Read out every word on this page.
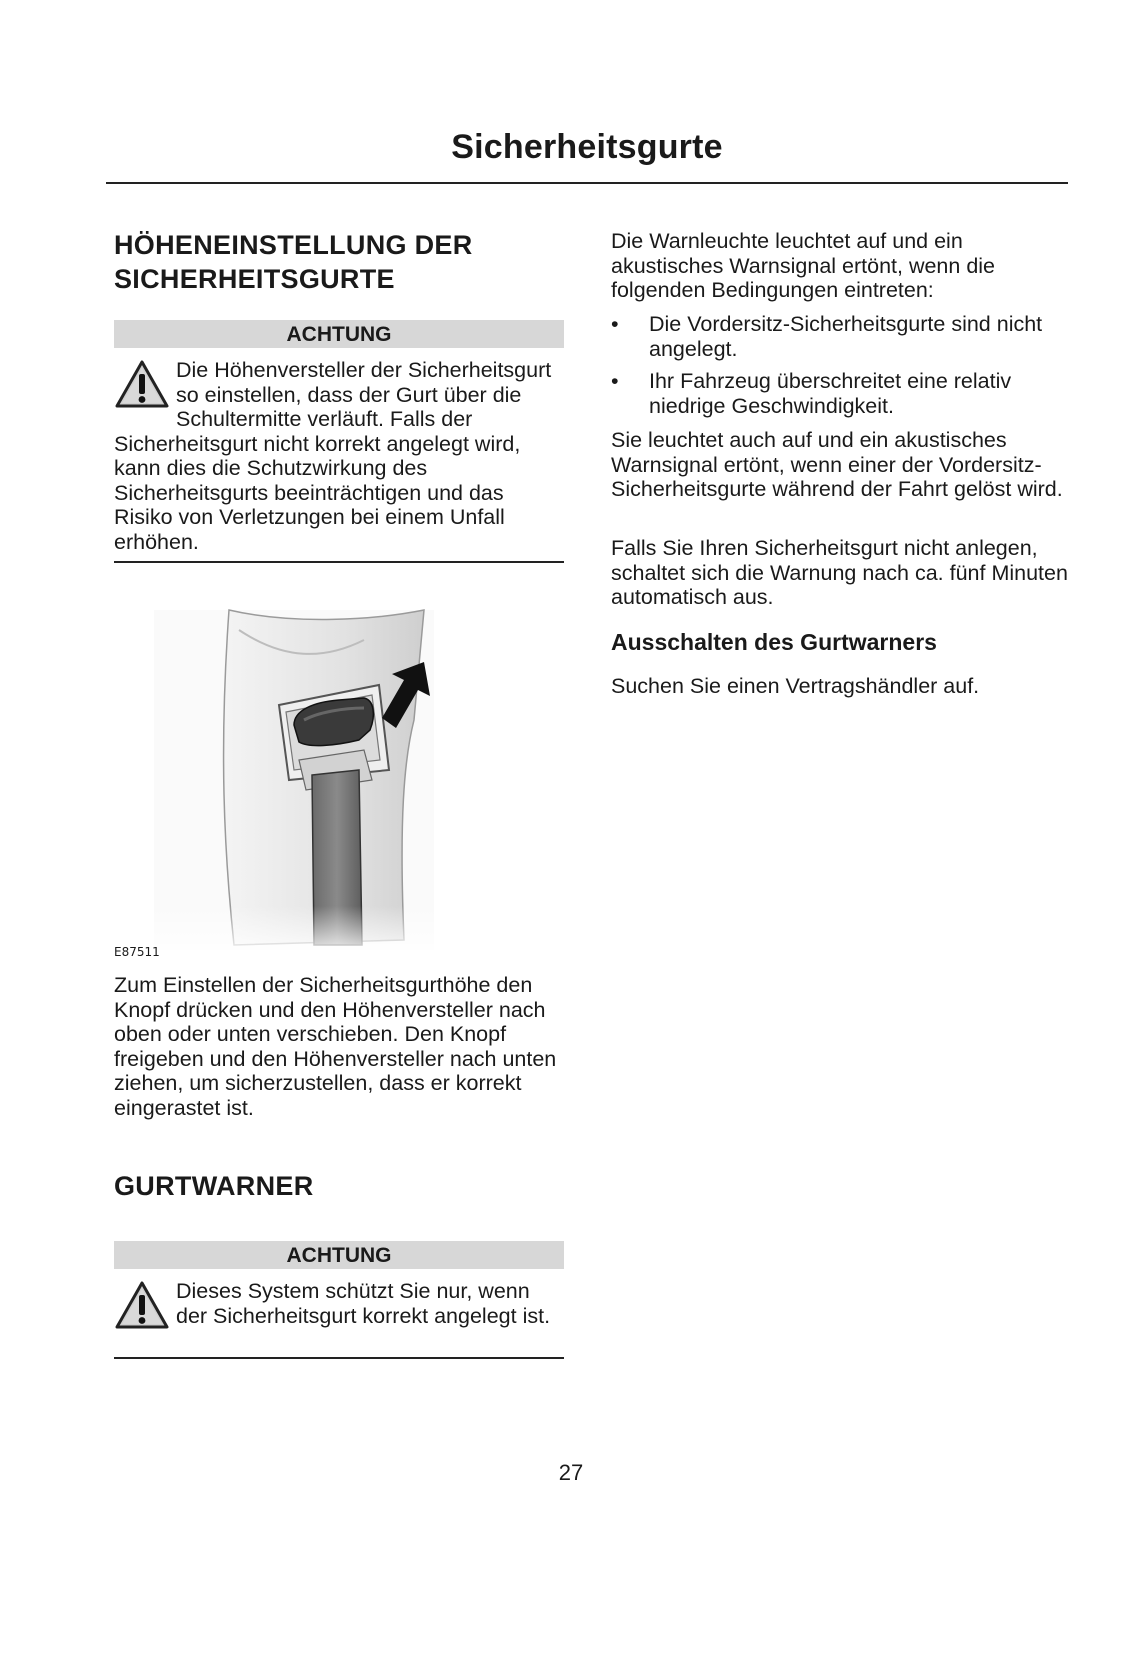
Sicherheitsgurte
HÖHENEINSTELLUNG DER
SICHERHEITSGURTE
ACHTUNG
Die Höhenversteller der Sicherheitsgurt so einstellen, dass der Gurt über die Schultermitte verläuft. Falls der Sicherheitsgurt nicht korrekt angelegt wird, kann dies die Schutzwirkung des Sicherheitsgurts beeinträchtigen und das Risiko von Verletzungen bei einem Unfall erhöhen.
E87511

Zum Einstellen der Sicherheitsgurthöhe den Knopf drücken und den Höhenversteller nach oben oder unten verschieben. Den Knopf freigeben und den Höhenversteller nach unten ziehen, um sicherzustellen, dass er korrekt eingerastet ist.

GURTWARNER
ACHTUNG
Dieses System schützt Sie nur, wenn der Sicherheitsgurt korrekt angelegt ist.

Die Warnleuchte leuchtet auf und ein akustisches Warnsignal ertönt, wenn die folgenden Bedingungen eintreten:

• Die Vordersitz-Sicherheitsgurte sind nicht angelegt.
• Ihr Fahrzeug überschreitet eine relativ niedrige Geschwindigkeit.

Sie leuchtet auch auf und ein akustisches Warnsignal ertönt, wenn einer der Vordersitz-Sicherheitsgurte während der Fahrt gelöst wird.

Falls Sie Ihren Sicherheitsgurt nicht anlegen, schaltet sich die Warnung nach ca. fünf Minuten automatisch aus.

Ausschalten des Gurtwarners

Suchen Sie einen Vertragshändler auf.

27
